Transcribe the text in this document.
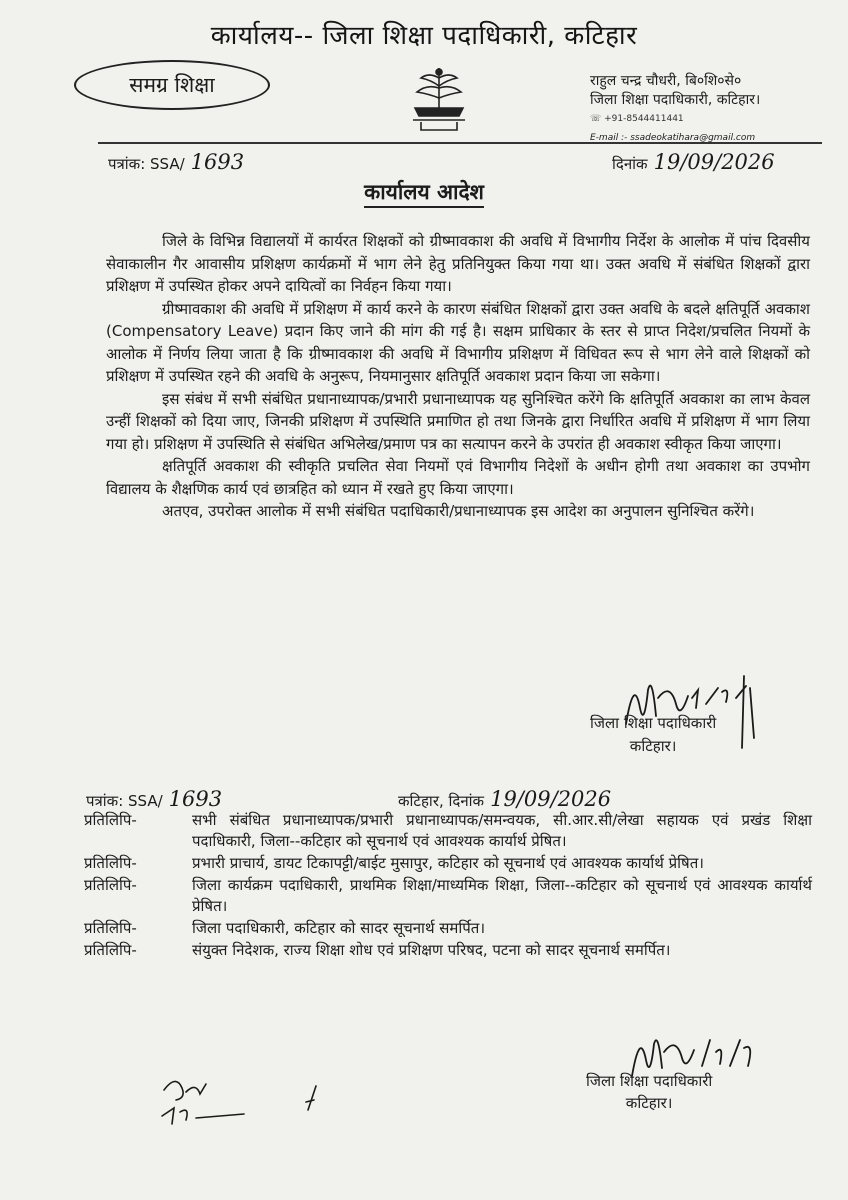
कार्यालय-- जिला शिक्षा पदाधिकारी, कटिहार
समग्र शिक्षा	राहुल चन्द्र चौधरी, बि०शि०से०
जिला शिक्षा पदाधिकारी, कटिहार।
☏ +91-8544411441
E-mail :- ssadeokatihara@gmail.com
पत्रांक: SSA/ 1693	दिनांक 19/09/2026
कार्यालय आदेश

जिले के विभिन्न विद्यालयों में कार्यरत शिक्षकों को ग्रीष्मावकाश की अवधि में विभागीय निर्देश के आलोक में पांच दिवसीय सेवाकालीन गैर आवासीय प्रशिक्षण कार्यक्रमों में भाग लेने हेतु प्रतिनियुक्त किया गया था। उक्त अवधि में संबंधित शिक्षकों द्वारा प्रशिक्षण में उपस्थित होकर अपने दायित्वों का निर्वहन किया गया।

ग्रीष्मावकाश की अवधि में प्रशिक्षण में कार्य करने के कारण संबंधित शिक्षकों द्वारा उक्त अवधि के बदले क्षतिपूर्ति अवकाश (Compensatory Leave) प्रदान किए जाने की मांग की गई है। सक्षम प्राधिकार के स्तर से प्राप्त निदेश/प्रचलित नियमों के आलोक में निर्णय लिया जाता है कि ग्रीष्मावकाश की अवधि में विभागीय प्रशिक्षण में विधिवत रूप से भाग लेने वाले शिक्षकों को प्रशिक्षण में उपस्थित रहने की अवधि के अनुरूप, नियमानुसार क्षतिपूर्ति अवकाश प्रदान किया जा सकेगा।

इस संबंध में सभी संबंधित प्रधानाध्यापक/प्रभारी प्रधानाध्यापक यह सुनिश्चित करेंगे कि क्षतिपूर्ति अवकाश का लाभ केवल उन्हीं शिक्षकों को दिया जाए, जिनकी प्रशिक्षण में उपस्थिति प्रमाणित हो तथा जिनके द्वारा निर्धारित अवधि में प्रशिक्षण में भाग लिया गया हो। प्रशिक्षण में उपस्थिति से संबंधित अभिलेख/प्रमाण पत्र का सत्यापन करने के उपरांत ही अवकाश स्वीकृत किया जाएगा।

क्षतिपूर्ति अवकाश की स्वीकृति प्रचलित सेवा नियमों एवं विभागीय निदेशों के अधीन होगी तथा अवकाश का उपभोग विद्यालय के शैक्षणिक कार्य एवं छात्रहित को ध्यान में रखते हुए किया जाएगा।

अतएव, उपरोक्त आलोक में सभी संबंधित पदाधिकारी/प्रधानाध्यापक इस आदेश का अनुपालन सुनिश्चित करेंगे।

जिला शिक्षा पदाधिकारी
कटिहार।
पत्रांक: SSA/ 1693	कटिहार, दिनांक 19/09/2026
प्रतिलिपि-	सभी संबंधित प्रधानाध्यापक/प्रभारी प्रधानाध्यापक/समन्वयक, सी.आर.सी/लेखा सहायक एवं प्रखंड शिक्षा पदाधिकारी, जिला--कटिहार को सूचनार्थ एवं आवश्यक कार्यार्थ प्रेषित।
प्रतिलिपि-	प्रभारी प्राचार्य, डायट टिकापट्टी/बाईट मुसापुर, कटिहार को सूचनार्थ एवं आवश्यक कार्यार्थ प्रेषित।
प्रतिलिपि-	जिला कार्यक्रम पदाधिकारी, प्राथमिक शिक्षा/माध्यमिक शिक्षा, जिला--कटिहार को सूचनार्थ एवं आवश्यक कार्यार्थ प्रेषित।
प्रतिलिपि-	जिला पदाधिकारी, कटिहार को सादर सूचनार्थ समर्पित।
प्रतिलिपि-	संयुक्त निदेशक, राज्य शिक्षा शोध एवं प्रशिक्षण परिषद, पटना को सादर सूचनार्थ समर्पित।
जिला शिक्षा पदाधिकारी
कटिहार।
